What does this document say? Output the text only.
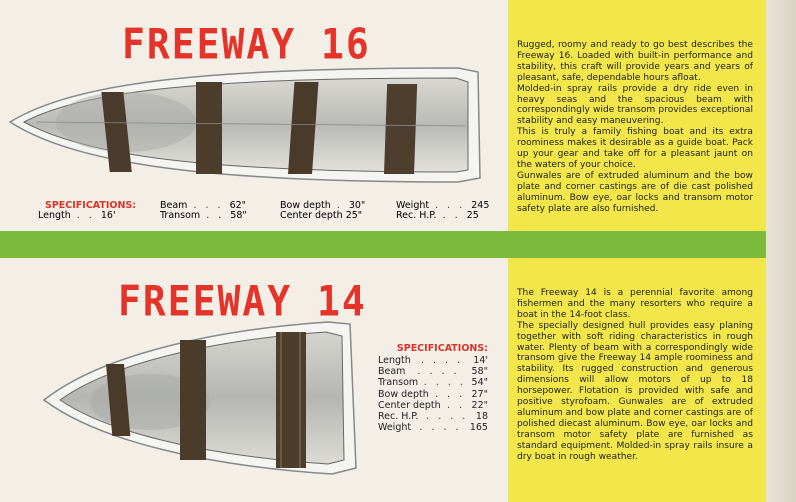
FREEWAY 16
SPECIFICATIONS:
Length . . 16'
Beam . . . 62"
Transom . . 58"
Bow depth . 30"
Center depth 25"
Weight . . . 245
Rec. H.P. . . 25

Rugged, roomy and ready to go best describes the Freeway 16. Loaded with built-in performance and stability, this craft will provide years and years of pleasant, safe, dependable hours afloat.

Molded-in spray rails provide a dry ride even in heavy seas and the spacious beam with correspondingly wide transom provides exceptional stability and easy maneuvering.

This is truly a family fishing boat and its extra roominess makes it desirable as a guide boat. Pack up your gear and take off for a pleasant jaunt on the waters of your choice.

Gunwales are of extruded aluminum and the bow plate and corner castings are of die cast polished aluminum. Bow eye, oar locks and transom motor safety plate are also furnished.

FREEWAY 14
SPECIFICATIONS:
Length . . . . 14'
Beam . . . . 58"
Transom . . . . 54"
Bow depth . . . 27"
Center depth . . 22"
Rec. H.P. . . . . 18
Weight . . . . 165

The Freeway 14 is a perennial favorite among fishermen and the many resorters who require a boat in the 14-foot class.

The specially designed hull provides easy planing together with soft riding characteristics in rough water. Plenty of beam with a correspondingly wide transom give the Freeway 14 ample roominess and stability. Its rugged construction and generous dimensions will allow motors of up to 18 horsepower. Flotation is provided with safe and positive styrofoam. Gunwales are of extruded aluminum and bow plate and corner castings are of polished diecast aluminum. Bow eye, oar locks and transom motor safety plate are furnished as standard equipment. Molded-in spray rails insure a dry boat in rough weather.
